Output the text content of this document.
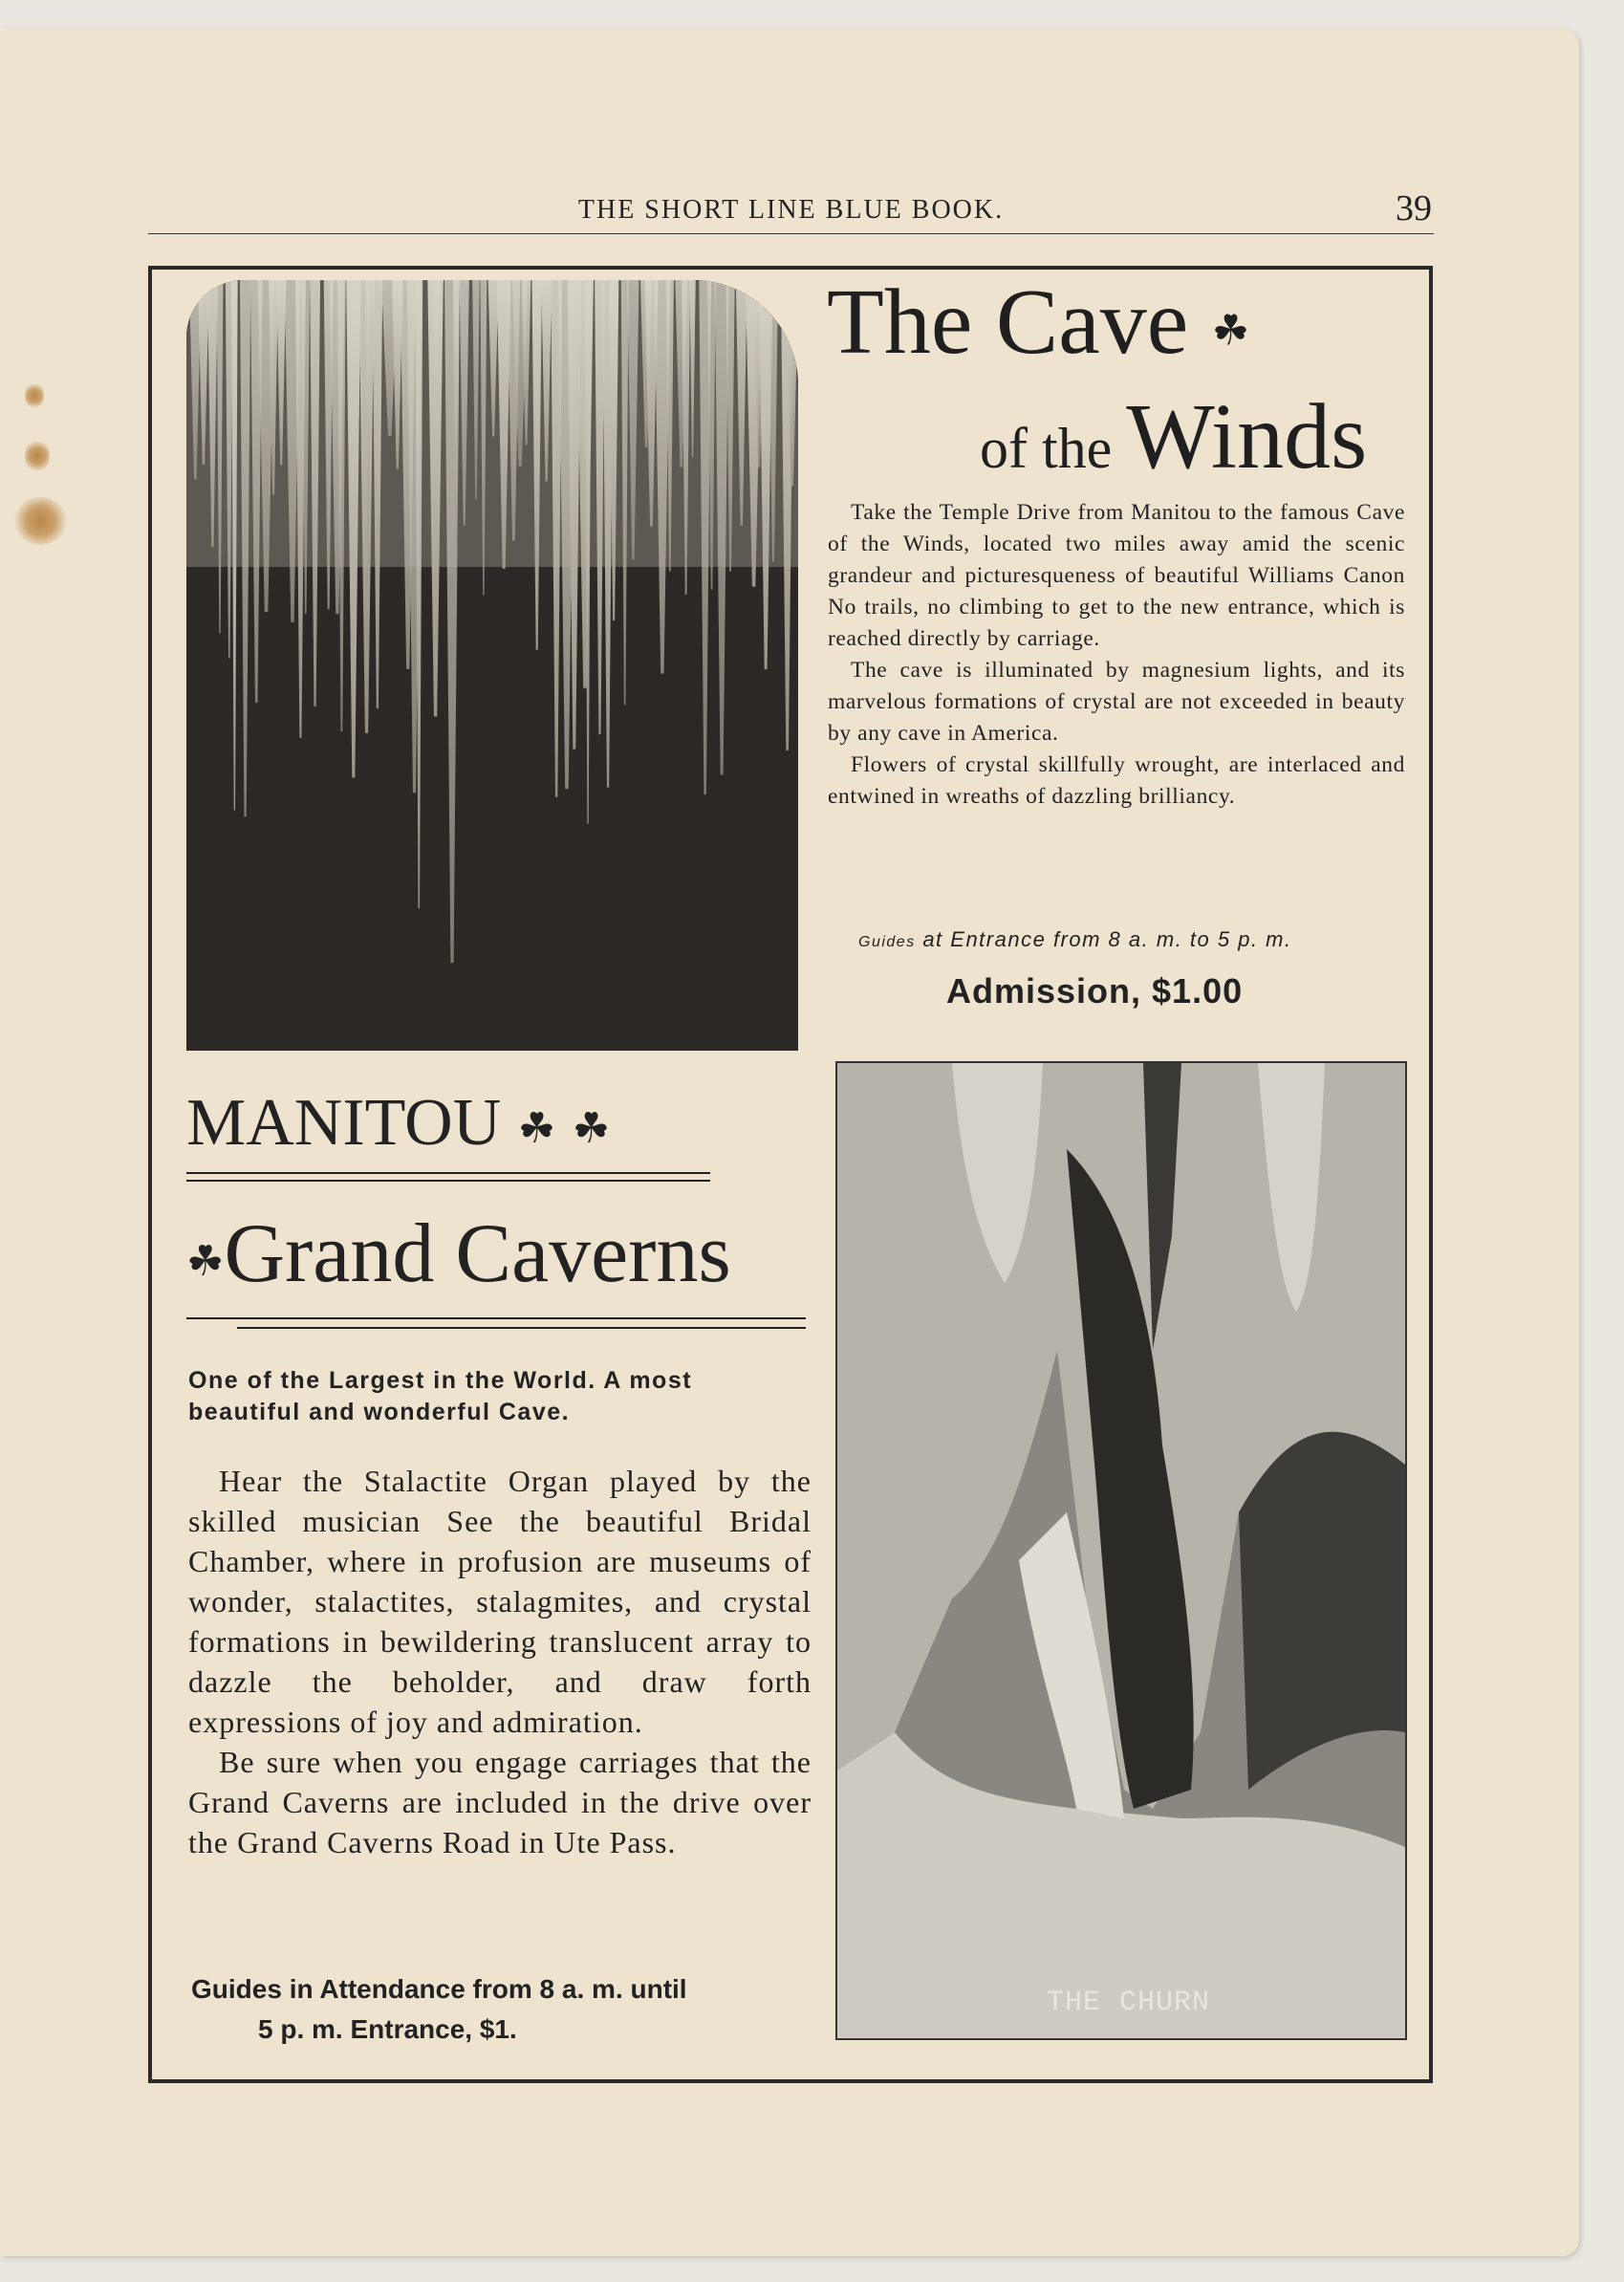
THE SHORT LINE BLUE BOOK.	39
The Cave ☘
of the Winds

Take the Temple Drive from Manitou to the famous Cave of the Winds, located two miles away amid the scenic grandeur and picturesqueness of beautiful Williams Canon No trails, no climbing to get to the new entrance, which is reached directly by carriage.

The cave is illuminated by magnesium lights, and its marvelous formations of crystal are not exceeded in beauty by any cave in America.

Flowers of crystal skillfully wrought, are interlaced and entwined in wreaths of dazzling brilliancy.

Guides at Entrance from 8 a. m. to 5 p. m.
Admission, $1.00
THE CHURN
MANITOU ☘ ☘
☘Grand Caverns
One of the Largest in the World. A most beautiful and wonderful Cave.

Hear the Stalactite Organ played by the skilled musician See the beautiful Bridal Chamber, where in profusion are museums of wonder, stalactites, stalagmites, and crystal formations in bewildering translucent array to dazzle the beholder, and draw forth expressions of joy and admiration.

Be sure when you engage carriages that the Grand Caverns are included in the drive over the Grand Caverns Road in Ute Pass.

Guides in Attendance from 8 a. m. until
5 p. m. Entrance, $1.
